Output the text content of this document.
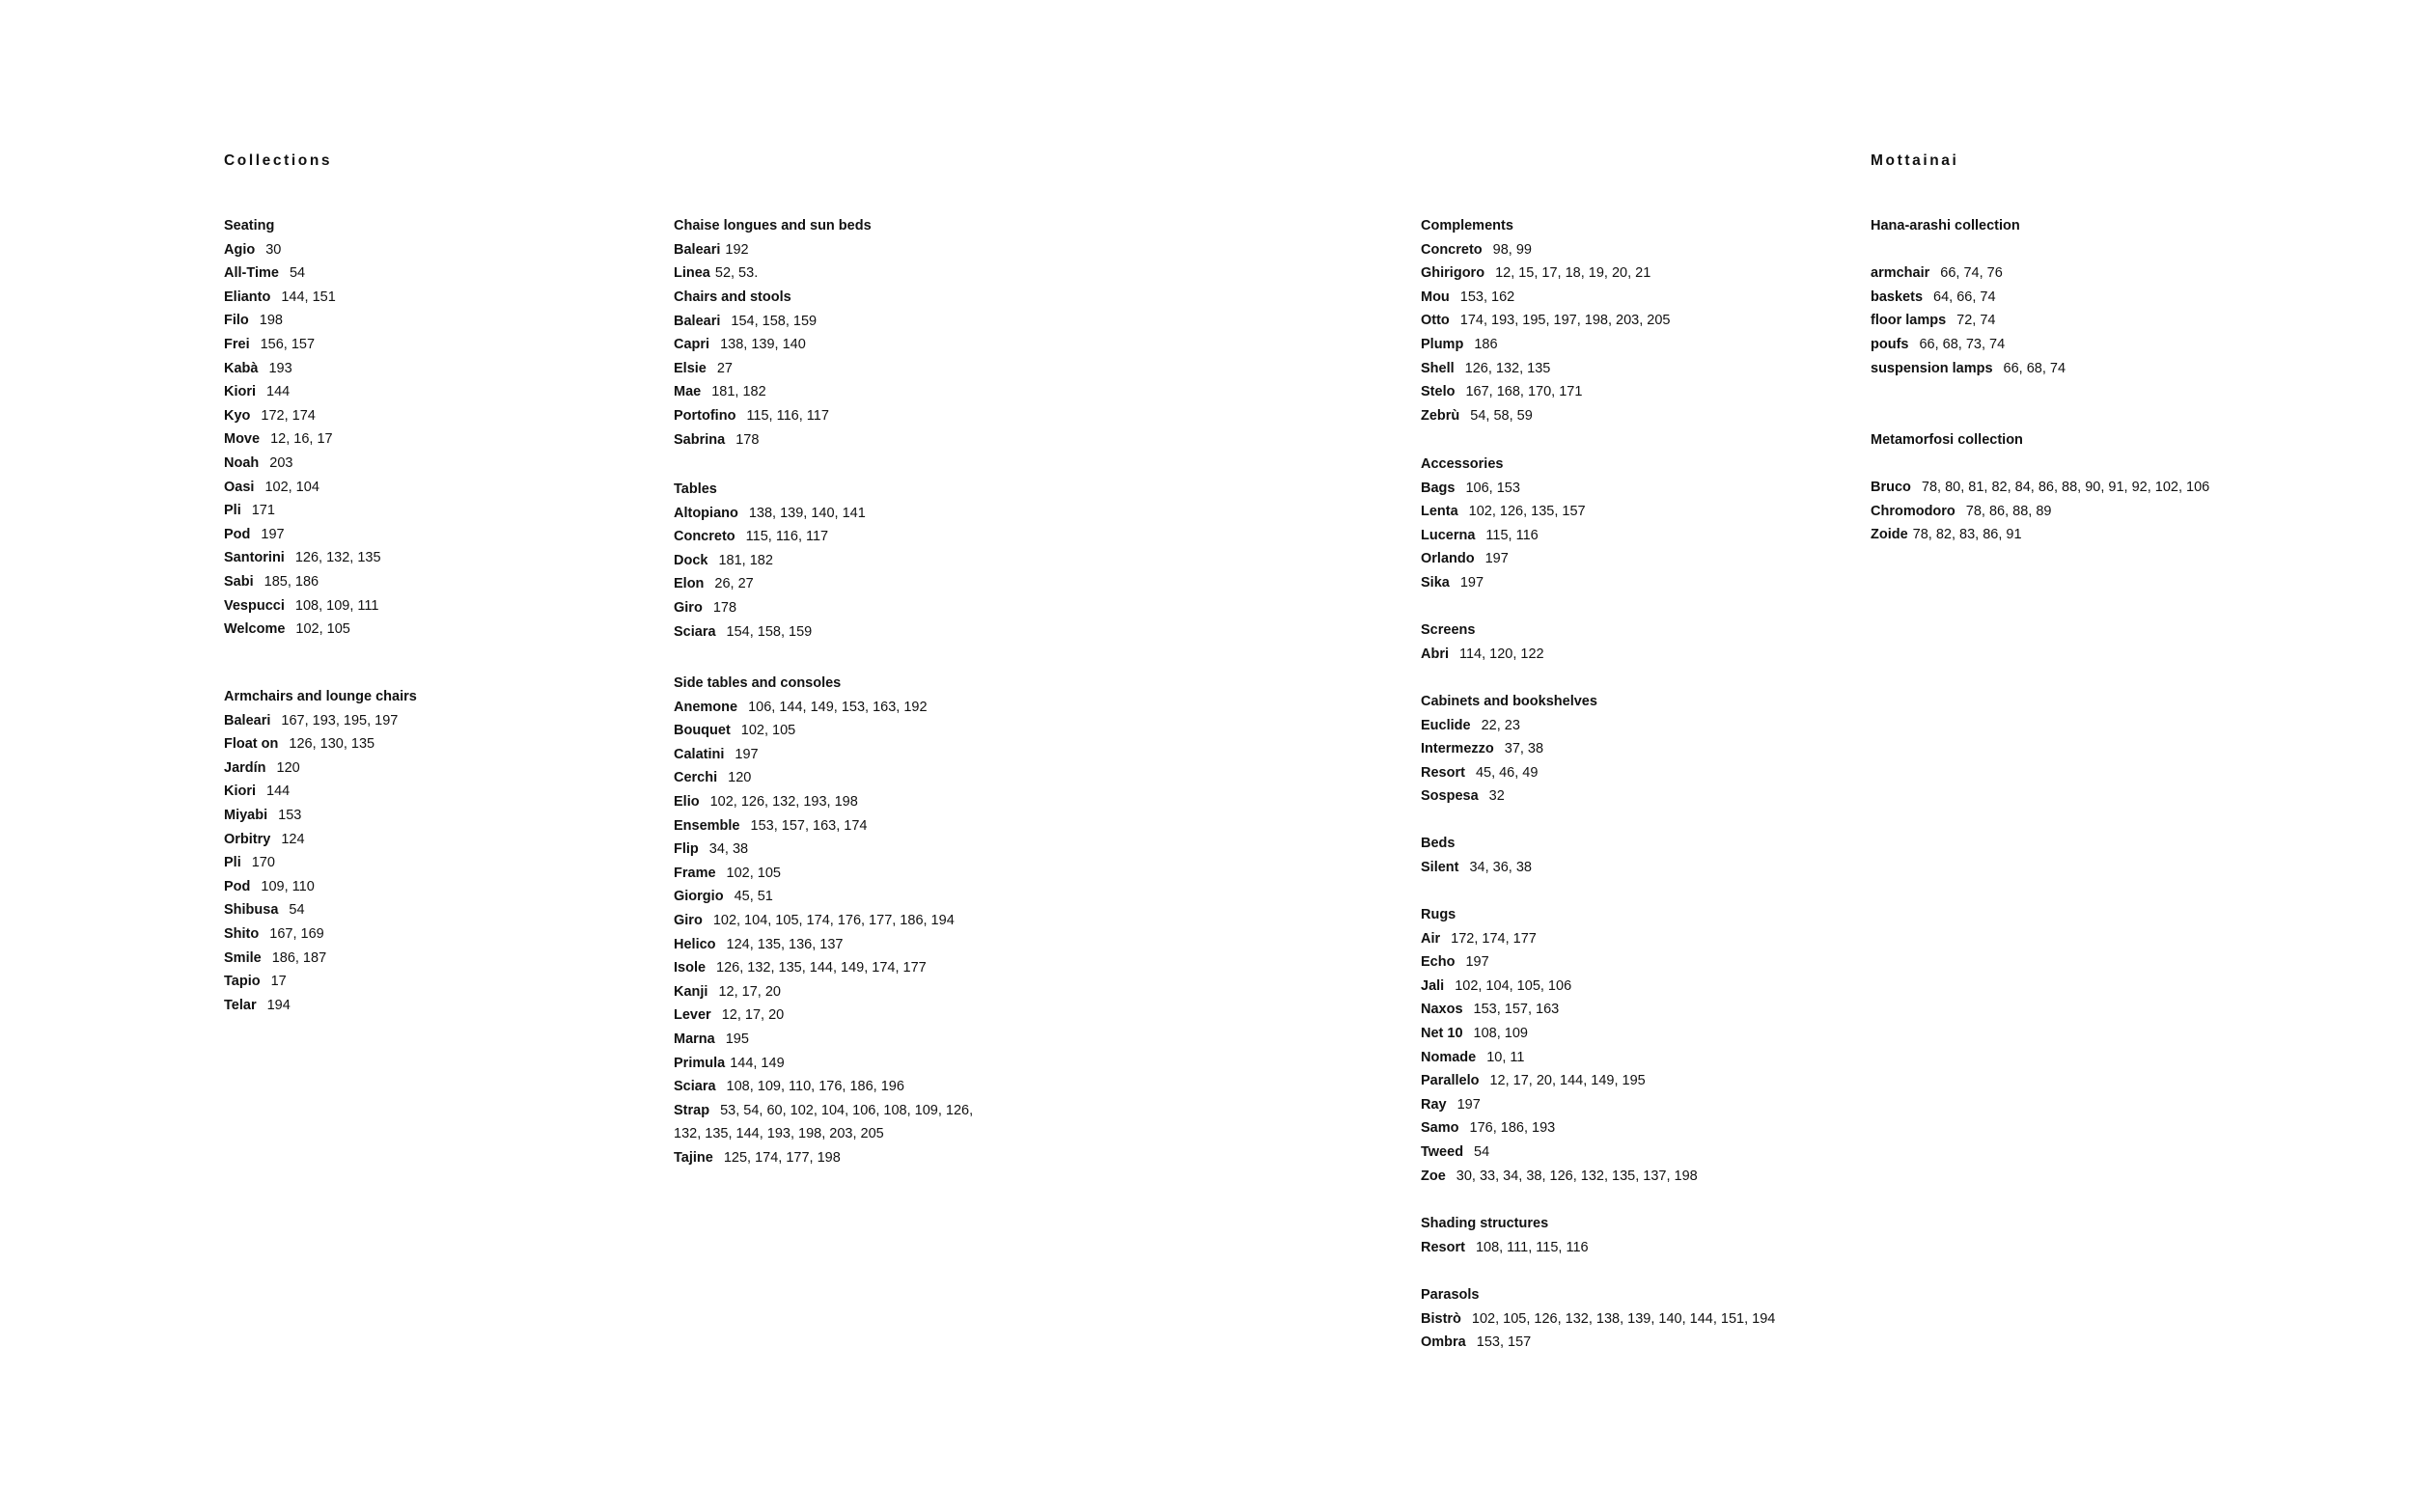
Collections	Mottainai

Seating

Agio 30

All-Time 54

Elianto 144, 151

Filo 198

Frei 156, 157

Kabà 193

Kiori 144

Kyo 172, 174

Move 12, 16, 17

Noah 203

Oasi 102, 104

Pli 171

Pod 197

Santorini 126, 132, 135

Sabi 185, 186

Vespucci 108, 109, 111

Welcome 102, 105

Armchairs and lounge chairs

Baleari 167, 193, 195, 197

Float on 126, 130, 135

Jardín 120

Kiori 144

Miyabi 153

Orbitry 124

Pli 170

Pod 109, 110

Shibusa 54

Shito 167, 169

Smile 186, 187

Tapio 17

Telar 194

Chaise longues and sun beds

Baleari 192

Linea 52, 53.

Chairs and stools

Baleari 154, 158, 159

Capri 138, 139, 140

Elsie 27

Mae 181, 182

Portofino 115, 116, 117

Sabrina 178

Tables

Altopiano 138, 139, 140, 141

Concreto 115, 116, 117

Dock 181, 182

Elon 26, 27

Giro 178

Sciara 154, 158, 159

Side tables and consoles

Anemone 106, 144, 149, 153, 163, 192

Bouquet 102, 105

Calatini 197

Cerchi 120

Elio 102, 126, 132, 193, 198

Ensemble 153, 157, 163, 174

Flip 34, 38

Frame 102, 105

Giorgio 45, 51

Giro 102, 104, 105, 174, 176, 177, 186, 194

Helico 124, 135, 136, 137

Isole 126, 132, 135, 144, 149, 174, 177

Kanji 12, 17, 20

Lever 12, 17, 20

Marna 195

Primula 144, 149

Sciara 108, 109, 110, 176, 186, 196

Strap 53, 54, 60, 102, 104, 106, 108, 109, 126, 132, 135, 144, 193, 198, 203, 205

Tajine 125, 174, 177, 198

Complements

Concreto 98, 99

Ghirigoro 12, 15, 17, 18, 19, 20, 21

Mou 153, 162

Otto 174, 193, 195, 197, 198, 203, 205

Plump 186

Shell 126, 132, 135

Stelo 167, 168, 170, 171

Zebrù 54, 58, 59

Accessories

Bags 106, 153

Lenta 102, 126, 135, 157

Lucerna 115, 116

Orlando 197

Sika 197

Screens

Abri 114, 120, 122

Cabinets and bookshelves

Euclide 22, 23

Intermezzo 37, 38

Resort 45, 46, 49

Sospesa 32

Beds

Silent 34, 36, 38

Rugs

Air 172, 174, 177

Echo 197

Jali 102, 104, 105, 106

Naxos 153, 157, 163

Net 10 108, 109

Nomade 10, 11

Parallelo 12, 17, 20, 144, 149, 195

Ray 197

Samo 176, 186, 193

Tweed 54

Zoe 30, 33, 34, 38, 126, 132, 135, 137, 198

Shading structures

Resort 108, 111, 115, 116

Parasols

Bistrò 102, 105, 126, 132, 138, 139, 140, 144, 151, 194

Ombra 153, 157

Hana-arashi collection

armchair 66, 74, 76

baskets 64, 66, 74

floor lamps 72, 74

poufs 66, 68, 73, 74

suspension lamps 66, 68, 74

Metamorfosi collection

Bruco 78, 80, 81, 82, 84, 86, 88, 90, 91, 92, 102, 106

Chromodoro 78, 86, 88, 89

Zoide 78, 82, 83, 86, 91
